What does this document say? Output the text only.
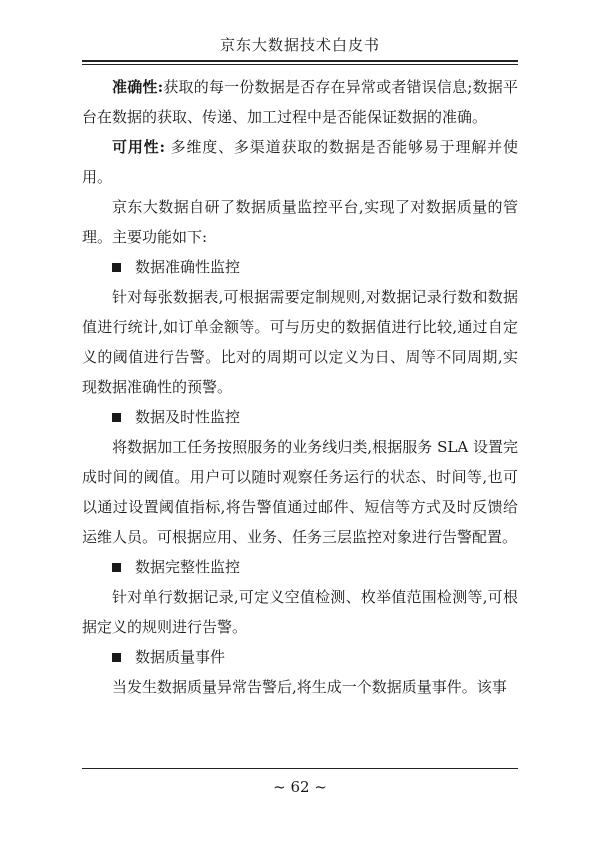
京东大数据技术白皮书

准确性:获取的每一份数据是否存在异常或者错误信息;数据平台在数据的获取、传递、加工过程中是否能保证数据的准确。

可用性: 多维度、多渠道获取的数据是否能够易于理解并使用。

京东大数据自研了数据质量监控平台,实现了对数据质量的管理。主要功能如下:

数据准确性监控

针对每张数据表,可根据需要定制规则,对数据记录行数和数据值进行统计,如订单金额等。可与历史的数据值进行比较,通过自定义的阈值进行告警。比对的周期可以定义为日、周等不同周期,实现数据准确性的预警。

数据及时性监控

将数据加工任务按照服务的业务线归类,根据服务 SLA 设置完成时间的阈值。用户可以随时观察任务运行的状态、时间等,也可以通过设置阈值指标,将告警值通过邮件、短信等方式及时反馈给运维人员。可根据应用、业务、任务三层监控对象进行告警配置。

数据完整性监控

针对单行数据记录,可定义空值检测、枚举值范围检测等,可根据定义的规则进行告警。

数据质量事件

当发生数据质量异常告警后,将生成一个数据质量事件。该事

~ 62 ~
